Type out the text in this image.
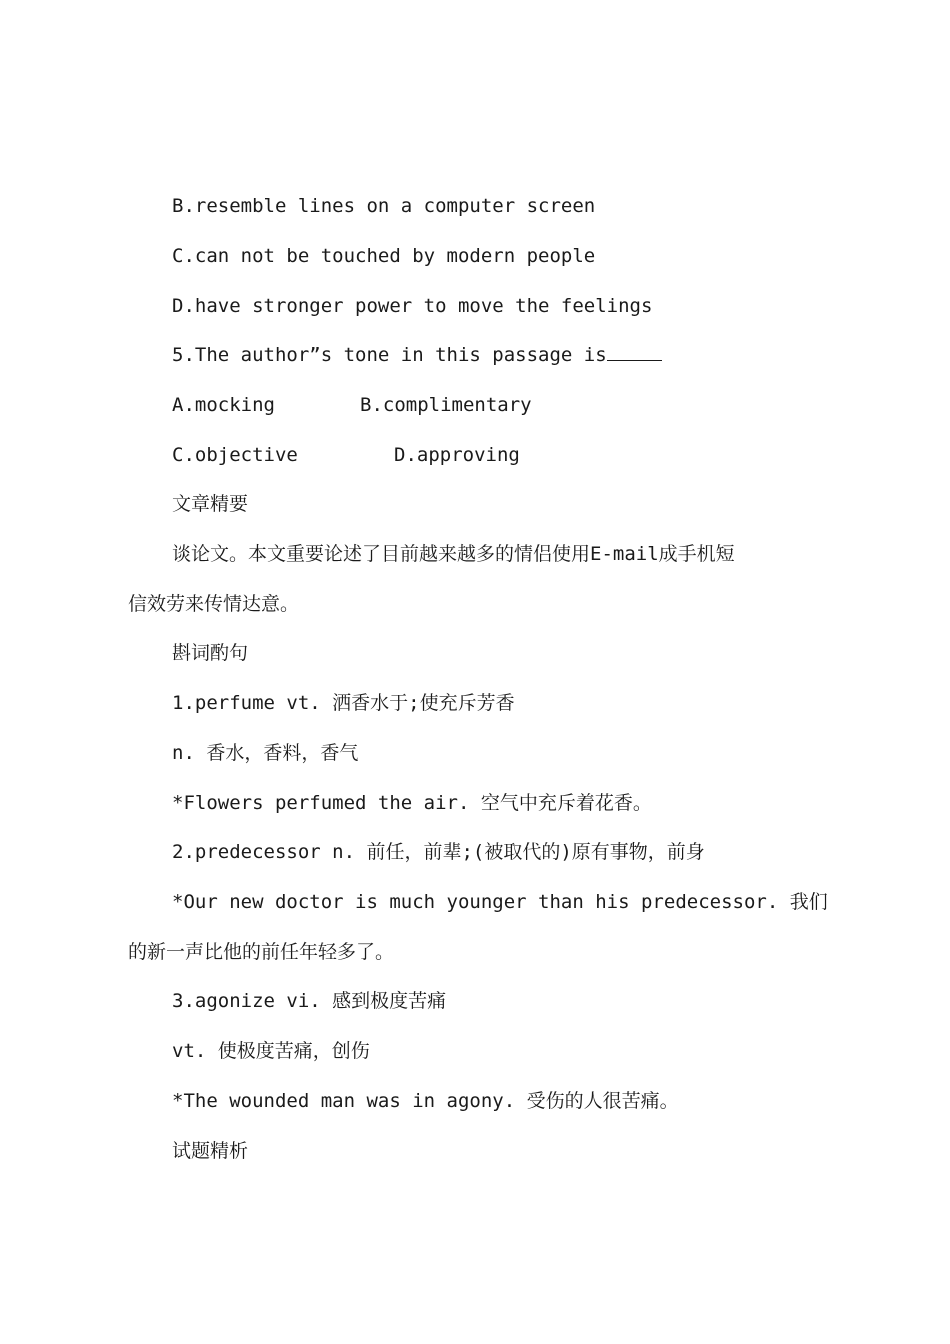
B.resemble lines on a computer screen
C.can not be touched by modern people
D.have stronger power to move the feelings
5.The author”s tone in this passage is
A.mocking	B.complimentary
C.objective	D.approving
文章精要
谈论文。本文重要论述了目前越来越多的情侣使用E-mail成手机短
信效劳来传情达意。
斟词酌句
1.perfume vt. 洒香水于;使充斥芳香
n. 香水，香料，香气
*Flowers perfumed the air. 空气中充斥着花香。
2.predecessor n. 前任，前辈;(被取代的)原有事物，前身
*Our new doctor is much younger than his predecessor. 我们
的新一声比他的前任年轻多了。
3.agonize vi. 感到极度苦痛
vt. 使极度苦痛，创伤
*The wounded man was in agony. 受伤的人很苦痛。
试题精析
